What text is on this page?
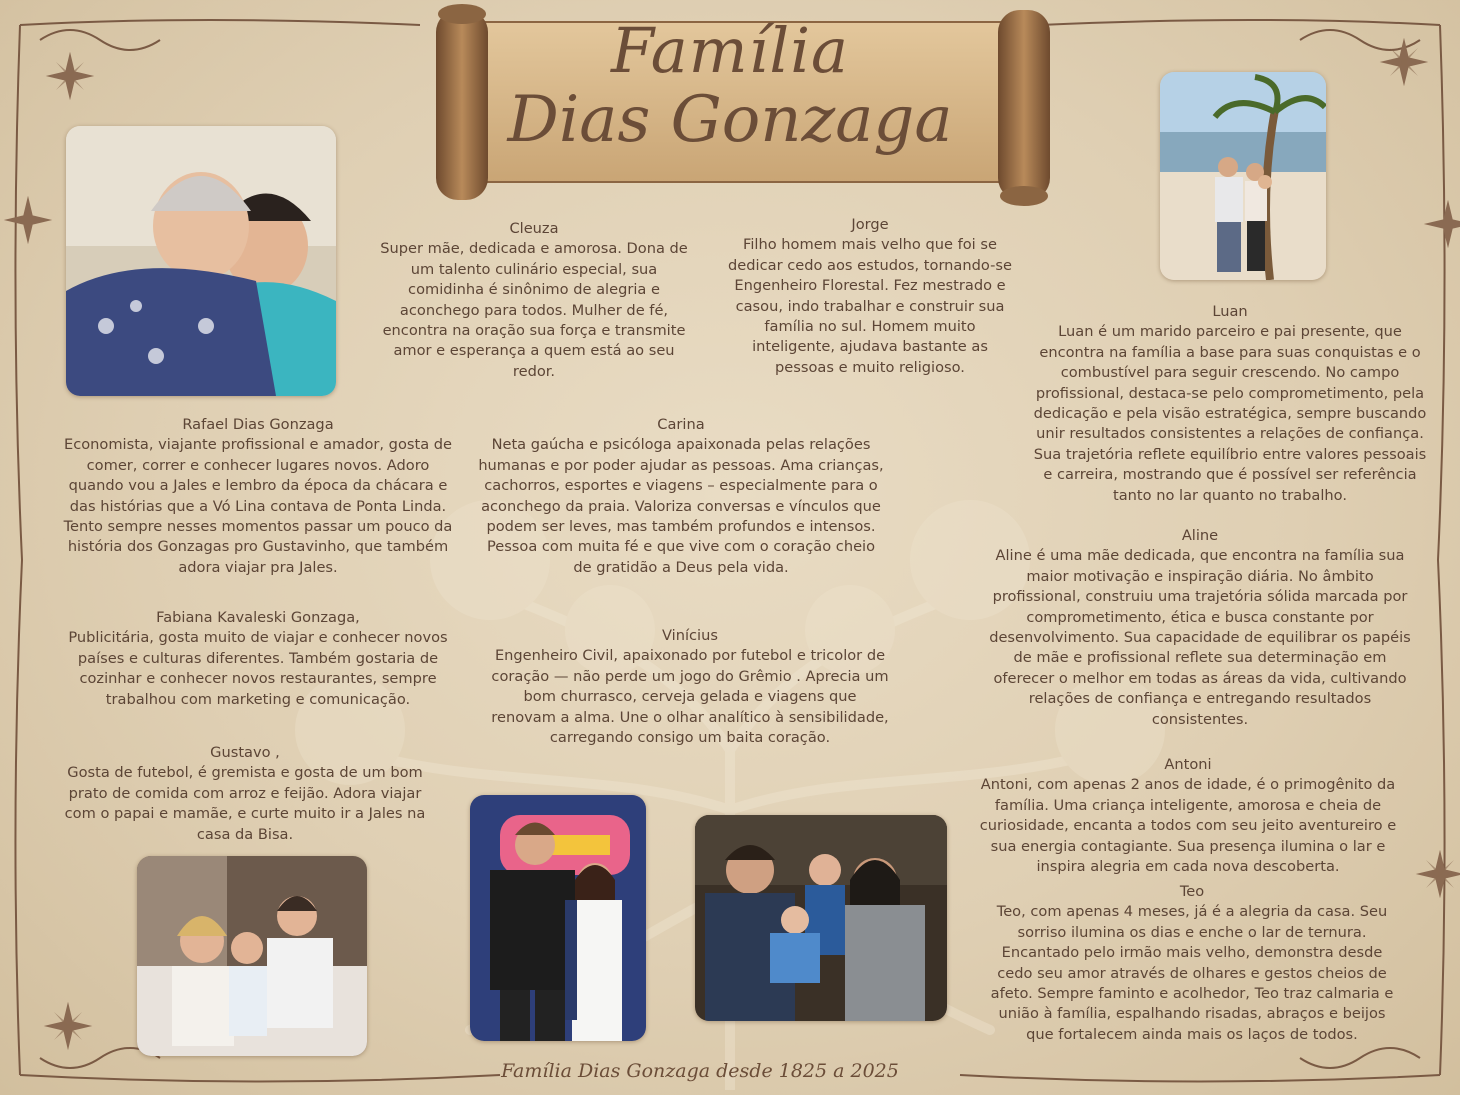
Família
Dias Gonzaga
Cleuza
Super mãe, dedicada e amorosa. Dona de um talento culinário especial, sua comidinha é sinônimo de alegria e aconchego para todos. Mulher de fé, encontra na oração sua força e transmite amor e esperança a quem está ao seu redor.
Jorge
Filho homem mais velho que foi se dedicar cedo aos estudos, tornando-se Engenheiro Florestal. Fez mestrado e casou, indo trabalhar e construir sua família no sul. Homem muito inteligente, ajudava bastante as pessoas e muito religioso.
Luan
Luan é um marido parceiro e pai presente, que encontra na família a base para suas conquistas e o combustível para seguir crescendo. No campo profissional, destaca-se pelo comprometimento, pela dedicação e pela visão estratégica, sempre buscando unir resultados consistentes a relações de confiança. Sua trajetória reflete equilíbrio entre valores pessoais e carreira, mostrando que é possível ser referência tanto no lar quanto no trabalho.
Rafael Dias Gonzaga
Economista, viajante profissional e amador, gosta de comer, correr e conhecer lugares novos. Adoro quando vou a Jales e lembro da época da chácara e das histórias que a Vó Lina contava de Ponta Linda. Tento sempre nesses momentos passar um pouco da história dos Gonzagas pro Gustavinho, que também adora viajar pra Jales.
Carina
Neta gaúcha e psicóloga apaixonada pelas relações humanas e por poder ajudar as pessoas. Ama crianças, cachorros, esportes e viagens – especialmente para o aconchego da praia. Valoriza conversas e vínculos que podem ser leves, mas também profundos e intensos. Pessoa com muita fé e que vive com o coração cheio de gratidão a Deus pela vida.
Aline
Aline é uma mãe dedicada, que encontra na família sua maior motivação e inspiração diária. No âmbito profissional, construiu uma trajetória sólida marcada por comprometimento, ética e busca constante por desenvolvimento. Sua capacidade de equilibrar os papéis de mãe e profissional reflete sua determinação em oferecer o melhor em todas as áreas da vida, cultivando relações de confiança e entregando resultados consistentes.
Fabiana Kavaleski Gonzaga,
Publicitária, gosta muito de viajar e conhecer novos países e culturas diferentes. Também gostaria de cozinhar e conhecer novos restaurantes, sempre trabalhou com marketing e comunicação.
Vinícius
Engenheiro Civil, apaixonado por futebol e tricolor de coração — não perde um jogo do Grêmio . Aprecia um bom churrasco, cerveja gelada e viagens que renovam a alma. Une o olhar analítico à sensibilidade, carregando consigo um baita coração.
Gustavo ,
Gosta de futebol, é gremista e gosta de um bom prato de comida com arroz e feijão. Adora viajar com o papai e mamãe, e curte muito ir a Jales na casa da Bisa.
Antoni
Antoni, com apenas 2 anos de idade, é o primogênito da família. Uma criança inteligente, amorosa e cheia de curiosidade, encanta a todos com seu jeito aventureiro e sua energia contagiante. Sua presença ilumina o lar e inspira alegria em cada nova descoberta.
Teo
Teo, com apenas 4 meses, já é a alegria da casa. Seu sorriso ilumina os dias e enche o lar de ternura. Encantado pelo irmão mais velho, demonstra desde cedo seu amor através de olhares e gestos cheios de afeto. Sempre faminto e acolhedor, Teo traz calmaria e união à família, espalhando risadas, abraços e beijos que fortalecem ainda mais os laços de todos.
Família Dias Gonzaga desde 1825 a 2025
